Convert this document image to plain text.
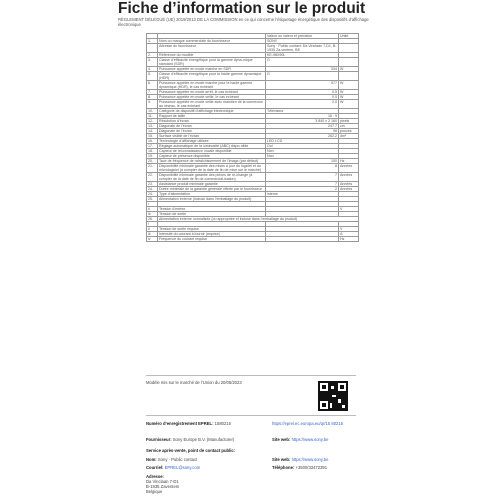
Fiche d’information sur le produit
RÈGLEMENT DÉLÉGUÉ (UE) 2019/2013 DE LA COMMISSION en ce qui concerne l’étiquetage énergétique des dispositifs d’affichage électronique
		Valeur ou valeur et précision	Unité
1.	Nom ou marque commerciale du fournisseur	SONY	
	Adresse du fournisseur	Sony · Public contact: Da Vinclaan 7-D1, B-1935 Za-ventem, BE	
2.	Référence du modèle	KE-98X90L	
3.	Classe d’efficacité énergétique pour la gamme dyna-mique standard (SDR)	G	
4.	Puissance appelée en mode marche en SDR	334	W
5.	Classe d’efficacité énergétique pour la haute gamme dynamique (HDR)	G	
6.	Puissance appelée en mode marche pour la haute gamme dynamique (HDR), le cas échéant	577	W
7.	Puissance appelée en mode arrêt, le cas échéant	0.5	W
8.	Puissance appelée en mode veille, le cas échéant	0.5	W
9.	Puissance appelée en mode veille avec maintien de la connexion au réseau, le cas échéant	2.0	W
10.	Catégorie de dispositif d’affichage électronique	Téléviseur	
11.	Rapport de taille	16 : 9	
12.	Résolution d’écran	3 840 x 2 160	pixels
13.	Diagonale de l’écran	247.7	cm
14.	Diagonale de l’écran	98	pouces
15.	Surface visible de l’écran	262.2	dm²
16.	Technologie d’affichage utilisée	LED LCD	
17.	Réglage automatique de la luminosité (ABC) dispo-nible	Oui	
18.	Capteur de reconnaissance vocale disponible	Non	
19.	Capteur de présence disponible	Non	
20.	Taux de fréquence de rafraîchissement de l’image (par défaut)	100	Hz
21.	Disponibilité minimale garantie des mises à jour du logiciel et du micrologiciel (à compter de la date de fin de mise sur le marché)	8	Années
22.	Disponibilité minimale garantie des pièces de re-change (à compter de la date de fin de commercial-isation)	7	Années
23.	Assistance produit minimale garantie	7	Années
24.	Durée minimale de la garantie générale offerte par le fournisseur	2	Années
24.	Type d’alimentation	interne	
25.	Alimentation externe (incluse dans l’emballage du produit)		
i			
ii	Tension d’entrée		V
iii	Tension de sortie		
26.	Alimentation externe normalisée (ou appropriée et incluse dans l’emballage du produit)		
i			
ii	Tension de sortie requise		V
iii	Intensité du courant à fournir (requise)		A
iv	Fréquence du courant requise		Hz
Modèle mis sur le marché de l’Union du 20/05/2023
Numéro d’enregistrement EPREL: 1580215	https://eprel.ec.europa.eu/qr/15 80215
Fournisseur: Sony Europe B.V. (Manufacturer)	Site web: https://www.sony.be
Service après-vente, point de contact public:
Nom: Sony · Public contact	Site web: https://www.sony.be
Courriel: EPREL@sony.com	Téléphone: +3500/33472391
Adresse:
Da Vinclaan 7-D1
B-1935 Zaventem
Belgique
